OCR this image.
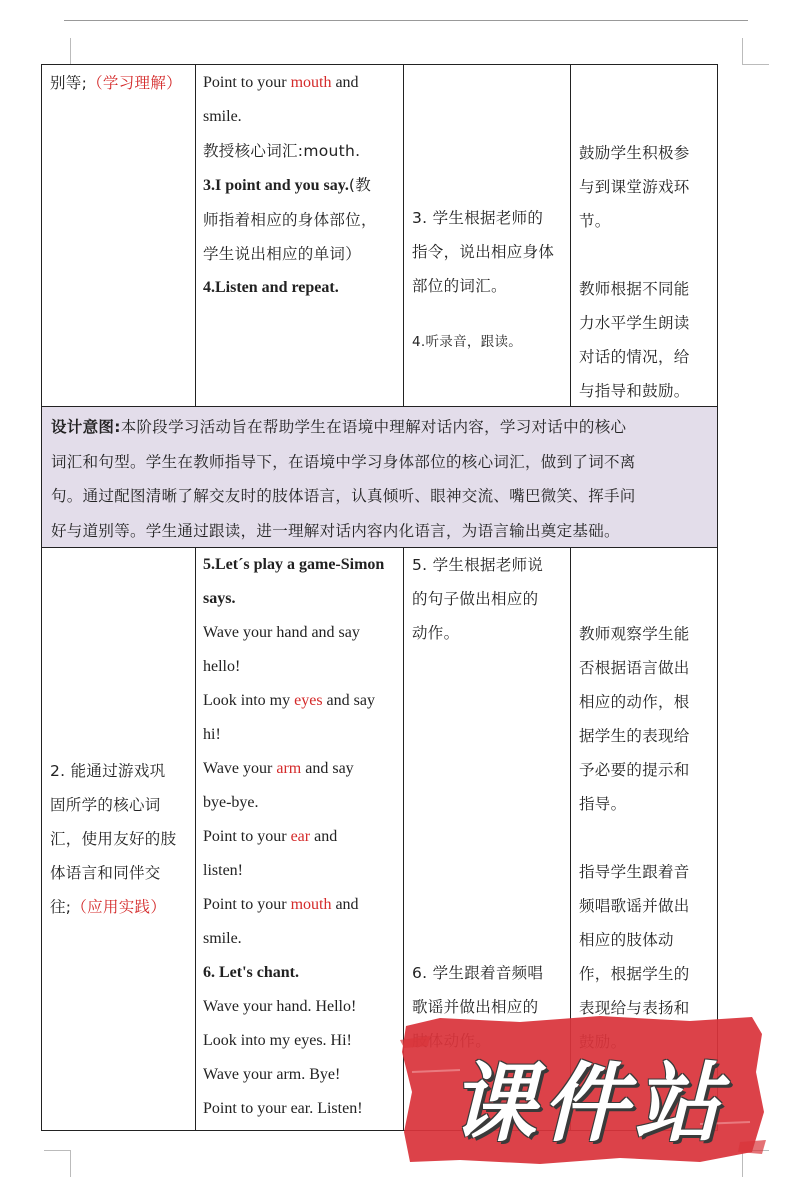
别等;（学习理解）	Point to your mouth and

smile.

教授核心词汇:mouth.

3.I point and you say.(教

师指着相应的身体部位，

学生说出相应的单词）

4.Listen and repeat.

3. 学生根据老师的

指令，说出相应身体

部位的词汇。

4.听录音，跟读。

鼓励学生积极参

与到课堂游戏环

节。

教师根据不同能

力水平学生朗读

对话的情况，给

与指导和鼓励。

设计意图:本阶段学习活动旨在帮助学生在语境中理解对话内容，学习对话中的核心

词汇和句型。学生在教师指导下，在语境中学习身体部位的核心词汇，做到了词不离

句。通过配图清晰了解交友时的肢体语言，认真倾听、眼神交流、嘴巴微笑、挥手问

好与道别等。学生通过跟读，进一理解对话内容内化语言，为语言输出奠定基础。

2. 能通过游戏巩

固所学的核心词

汇，使用友好的肢

体语言和同伴交

往;（应用实践）

5.Let´s play a game-Simon

says.

Wave your hand and say

hello!

Look into my eyes and say

hi!

Wave your arm and say

bye-bye.

Point to your ear and

listen!

Point to your mouth and

smile.

6. Let's chant.

Wave your hand. Hello!

Look into my eyes. Hi!

Wave your arm. Bye!

Point to your ear. Listen!

5. 学生根据老师说

的句子做出相应的

动作。

6. 学生跟着音频唱

歌谣并做出相应的

教师观察学生能

否根据语言做出

相应的动作，根

据学生的表现给

予必要的提示和

指导。

指导学生跟着音

频唱歌谣并做出

相应的肢体动

作，根据学生的

表现给与表扬和

课件站
